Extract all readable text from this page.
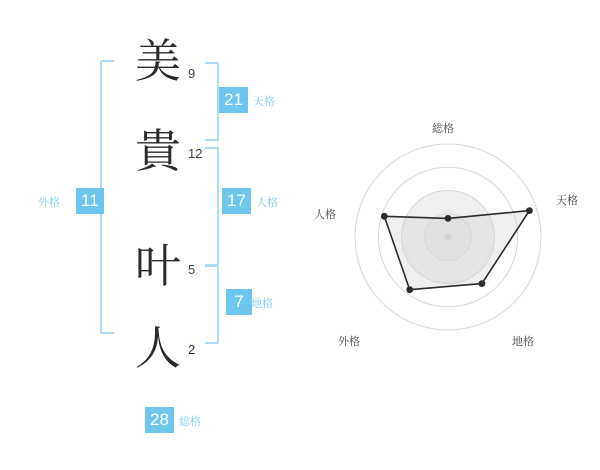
美
貴
叶
人
9
12
5
2
21 天格
17 人格
7 地格
11
外格
28 総格
総格
天格
地格
外格
人格
